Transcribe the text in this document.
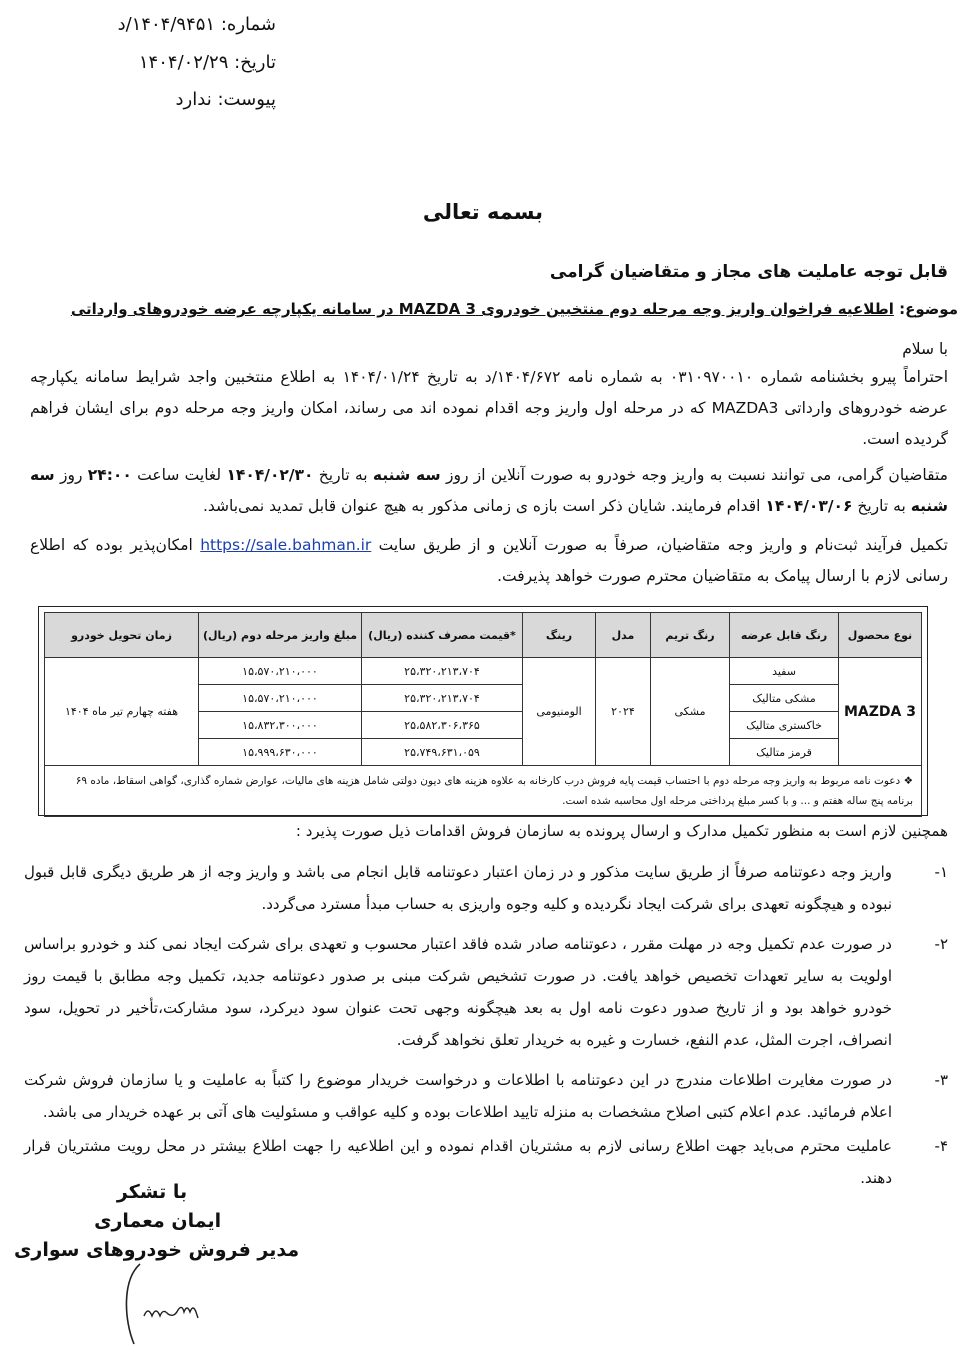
شماره: ۱۴۰۴/۹۴۵۱/د
تاریخ: ۱۴۰۴/۰۲/۲۹
پیوست: ندارد
بسمه تعالی
قابل توجه عاملیت های مجاز و متقاضیان گرامی
موضوع: اطلاعیه فراخوان واریز وجه مرحله دوم منتخبین خودروی MAZDA 3 در سامانه یکپارچه عرضه خودروهای وارداتی
با سلام
احتراماً پیرو بخشنامه شماره ۰۳۱۰۹۷۰۰۱۰ به شماره نامه ۱۴۰۴/۶۷۲/د به تاریخ ۱۴۰۴/۰۱/۲۴ به اطلاع منتخبین واجد شرایط سامانه یکپارچه عرضه خودروهای وارداتی MAZDA3 که در مرحله اول واریز وجه اقدام نموده اند می رساند، امکان واریز وجه مرحله دوم برای ایشان فراهم گردیده است.
متقاضیان گرامی، می توانند نسبت به واریز وجه خودرو به صورت آنلاین از روز سه شنبه به تاریخ ۱۴۰۴/۰۲/۳۰ لغایت ساعت ۲۴:۰۰ روز سه شنبه به تاریخ ۱۴۰۴/۰۳/۰۶ اقدام فرمایند. شایان ذکر است بازه ی زمانی مذکور به هیچ عنوان قابل تمدید نمی‌باشد.
تکمیل فرآیند ثبت‌نام و واریز وجه متقاضیان، صرفاً به صورت آنلاین و از طریق سایت https://sale.bahman.ir امکان‌پذیر بوده که اطلاع رسانی لازم با ارسال پیامک به متقاضیان محترم صورت خواهد پذیرفت.
نوع محصول	رنگ قابل عرضه	رنگ تریم	مدل	رینگ	*قیمت مصرف کننده (ریال)	مبلغ واریز مرحله دوم (ریال)	زمان تحویل خودرو
MAZDA 3	سفید	مشکی	۲۰۲۴	الومنیومی	۲۵،۳۲۰،۲۱۳،۷۰۴	۱۵،۵۷۰،۲۱۰،۰۰۰	هفته چهارم تیر ماه ۱۴۰۴
	مشکی متالیک				۲۵،۳۲۰،۲۱۳،۷۰۴	۱۵،۵۷۰،۲۱۰،۰۰۰	
	خاکستری متالیک				۲۵،۵۸۲،۳۰۶،۳۶۵	۱۵،۸۳۲،۳۰۰،۰۰۰	
	قرمز متالیک				۲۵،۷۴۹،۶۳۱،۰۵۹	۱۵،۹۹۹،۶۳۰،۰۰۰	
❖ دعوت نامه مربوط به واریز وجه مرحله دوم با احتساب قیمت پایه فروش درب کارخانه به علاوه هزینه های دیون دولتی شامل هزینه های مالیات، عوارض شماره گذاری، گواهی اسقاط، ماده ۶۹ برنامه پنج ساله هفتم و ... و با کسر مبلغ پرداختی مرحله اول محاسبه شده است.							
همچنین لازم است به منظور تکمیل مدارک و ارسال پرونده به سازمان فروش اقدامات ذیل صورت پذیرد :
۱-
واریز وجه دعوتنامه صرفاً از طریق سایت مذکور و در زمان اعتبار دعوتنامه قابل انجام می باشد و واریز وجه از هر طریق دیگری قابل قبول نبوده و هیچگونه تعهدی برای شرکت ایجاد نگردیده و کلیه وجوه واریزی به حساب مبدأ مسترد می‌گردد.
۲-
در صورت عدم تکمیل وجه در مهلت مقرر ، دعوتنامه صادر شده فاقد اعتبار محسوب و تعهدی برای شرکت ایجاد نمی کند و خودرو براساس اولویت به سایر تعهدات تخصیص خواهد یافت. در صورت تشخیص شرکت مبنی بر صدور دعوتنامه جدید، تکمیل وجه مطابق با قیمت روز خودرو خواهد بود و از تاریخ صدور دعوت نامه اول به بعد هیچگونه وجهی تحت عنوان سود دیرکرد، سود مشارکت،تأخیر در تحویل، سود انصراف، اجرت المثل، عدم النفع، خسارت و غیره به خریدار تعلق نخواهد گرفت.
۳-
در صورت مغایرت اطلاعات مندرج در این دعوتنامه با اطلاعات و درخواست خریدار موضوع را کتباً به عاملیت و یا سازمان فروش شرکت اعلام فرمائید. عدم اعلام کتبی اصلاح مشخصات به منزله تایید اطلاعات بوده و کلیه عواقب و مسئولیت های آتی بر عهده خریدار می باشد.
۴-
عاملیت محترم می‌باید جهت اطلاع رسانی لازم به مشتریان اقدام نموده و این اطلاعیه را جهت اطلاع بیشتر در محل رویت مشتریان قرار دهند.
با تشکر
ایمان معماری
مدیر فروش خودروهای سواری
